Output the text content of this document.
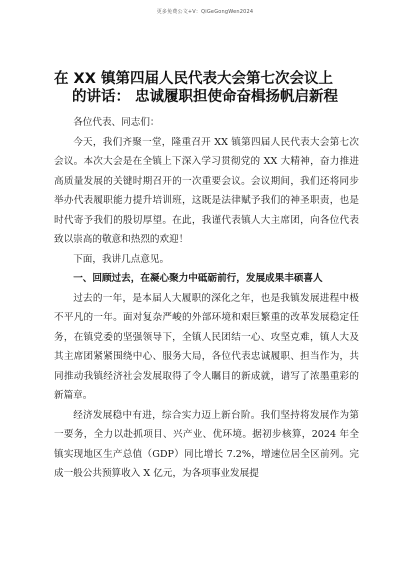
更多免费公文+V：QiGeGongWen2024
在 XX 镇第四届人民代表大会第七次会议上
的讲话： 忠诚履职担使命奋楫扬帆启新程

各位代表、同志们：

今天，我们齐聚一堂，隆重召开 XX 镇第四届人民代表大会第七次会议。本次大会是在全镇上下深入学习贯彻党的 XX 大精神，奋力推进高质量发展的关键时期召开的一次重要会议。会议期间，我们还将同步举办代表履职能力提升培训班，这既是法律赋予我们的神圣职责，也是时代寄予我们的殷切厚望。在此，我谨代表镇人大主席团，向各位代表致以崇高的敬意和热烈的欢迎！

下面，我讲几点意见。

一、回顾过去，在凝心聚力中砥砺前行，发展成果丰硕喜人

过去的一年，是本届人大履职的深化之年，也是我镇发展进程中极不平凡的一年。面对复杂严峻的外部环境和艰巨繁重的改革发展稳定任务，在镇党委的坚强领导下，全镇人民团结一心、攻坚克难，镇人大及其主席团紧紧围绕中心、服务大局，各位代表忠诚履职、担当作为，共同推动我镇经济社会发展取得了令人瞩目的新成就，谱写了浓墨重彩的新篇章。

经济发展稳中有进，综合实力迈上新台阶。我们坚持将发展作为第一要务，全力以赴抓项目、兴产业、优环境。据初步核算，2024 年全镇实现地区生产总值（GDP）同比增长 7.2%，增速位居全区前列。完成一般公共预算收入 X 亿元，为各项事业发展提
